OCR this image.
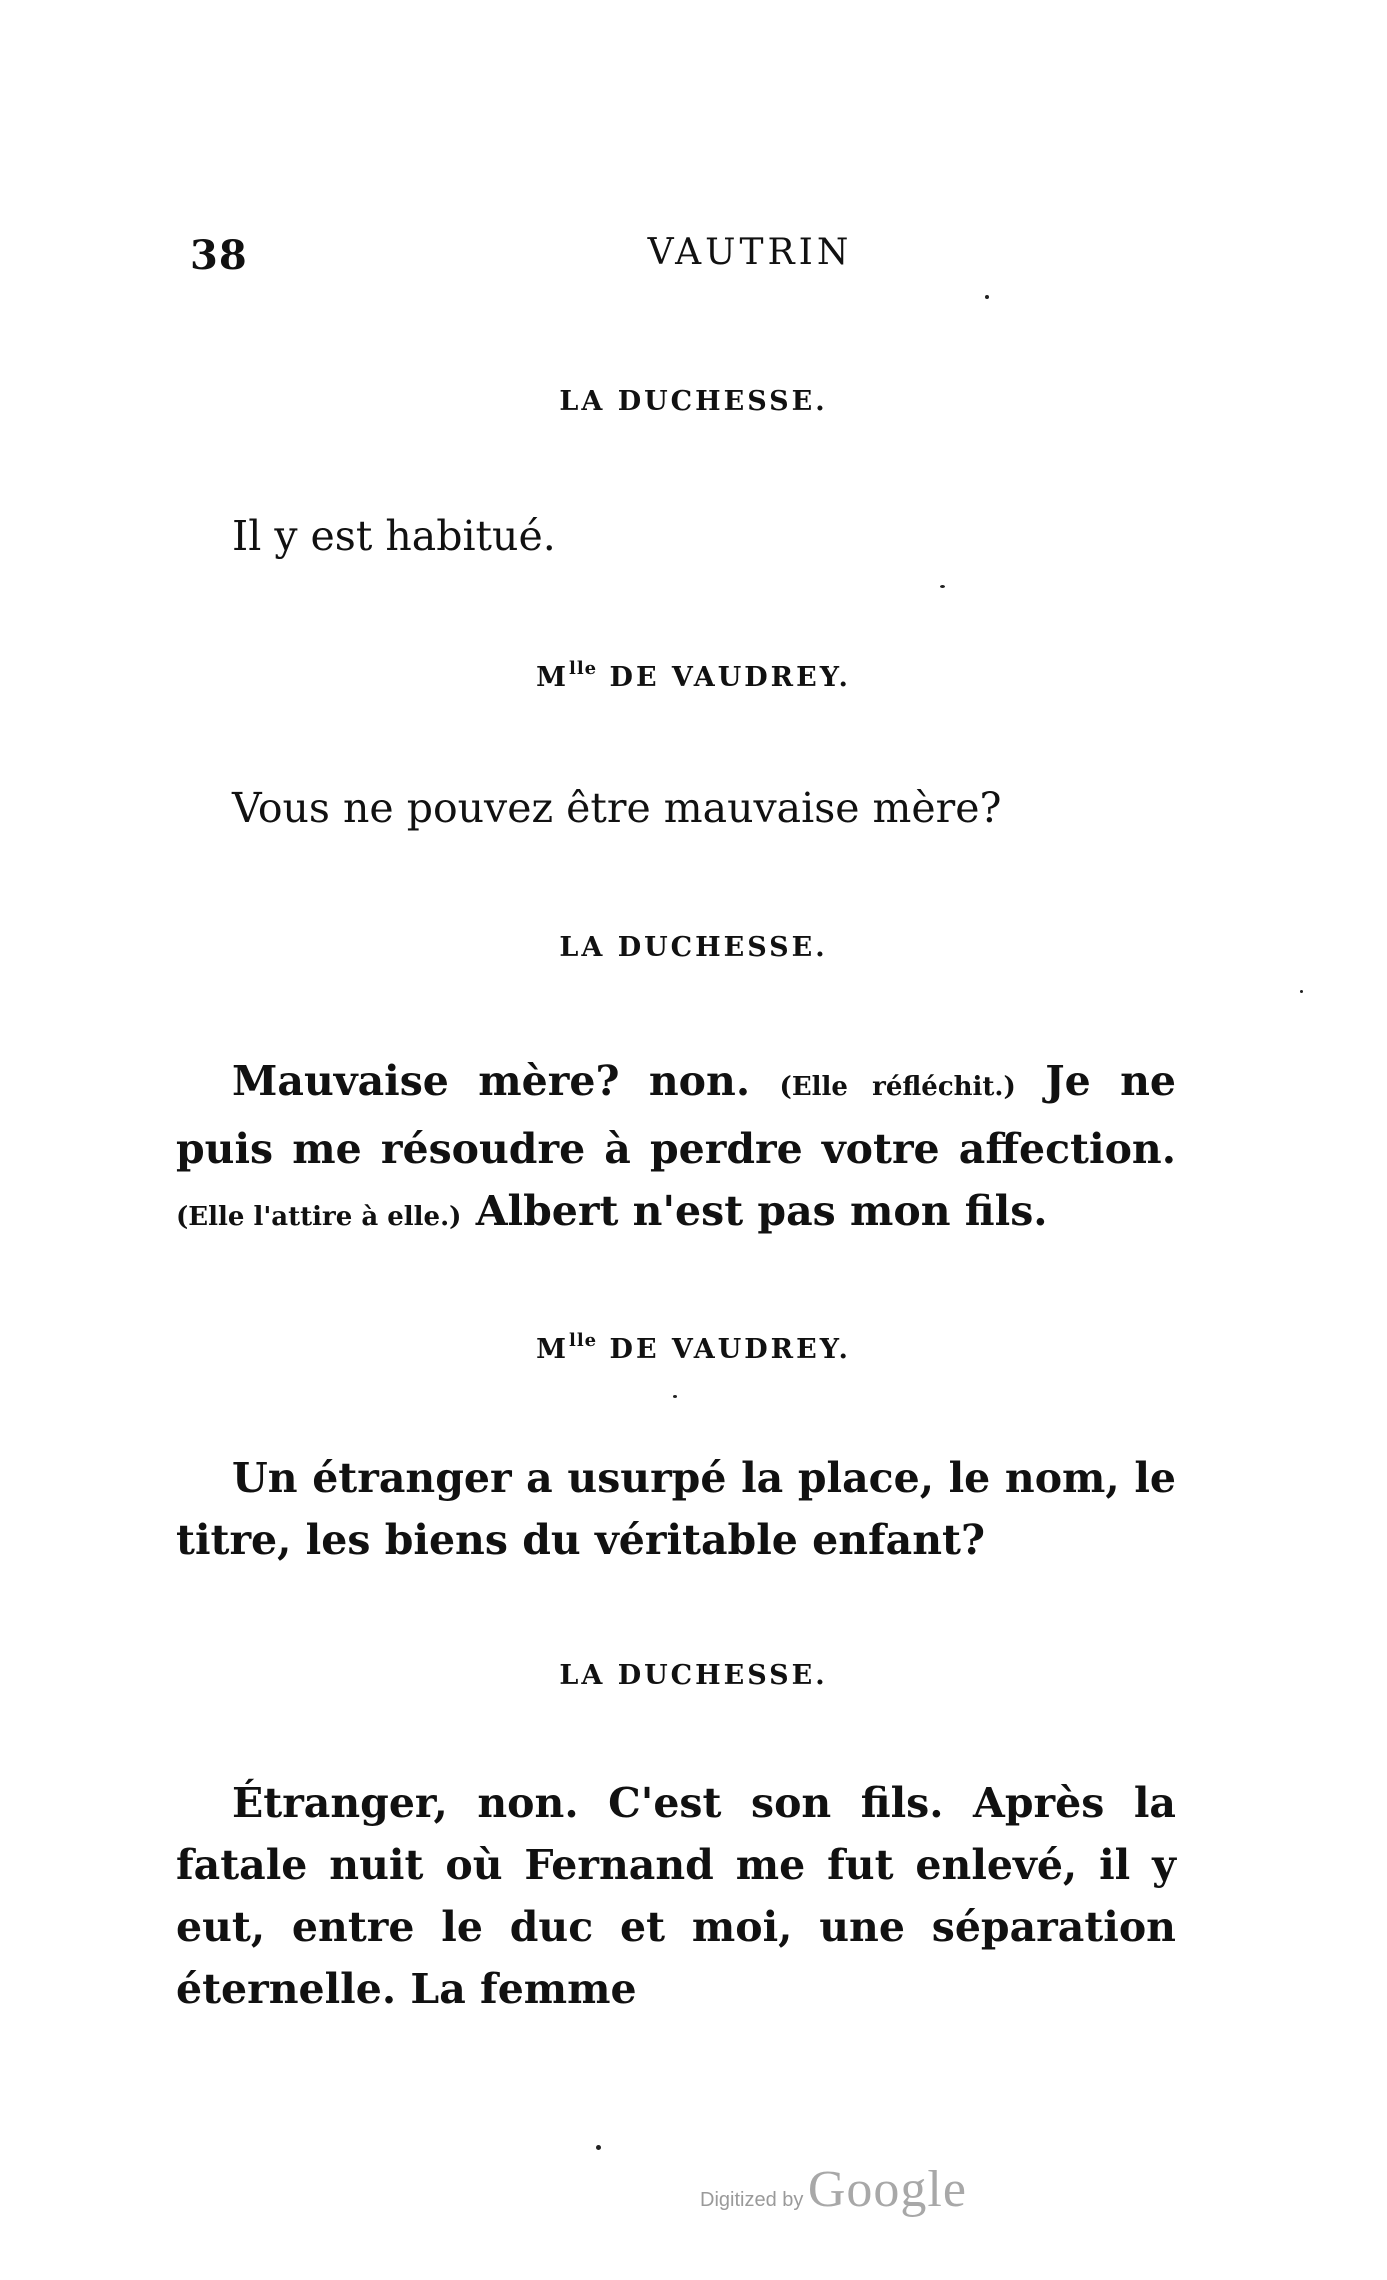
38	VAUTRIN
LA DUCHESSE.
Il y est habitué.
$M^{lle}$ DE VAUDREY.
Vous ne pouvez être mauvaise mère?
LA DUCHESSE.
Mauvaise mère? non. (Elle réfléchit.) Je ne puis me résoudre à perdre votre affection.(Elle l'attire à elle.) Albert n'est pas mon fils.
$M^{lle}$ DE VAUDREY.
Un étranger a usurpé la place, le nom, le titre, les biens du véritable enfant?
LA DUCHESSE.
Étranger, non. C'est son fils. Après la fatale nuit où Fernand me fut enlevé, il y eut, entre le duc et moi, une séparation éternelle. La femme
Digitized by Google
